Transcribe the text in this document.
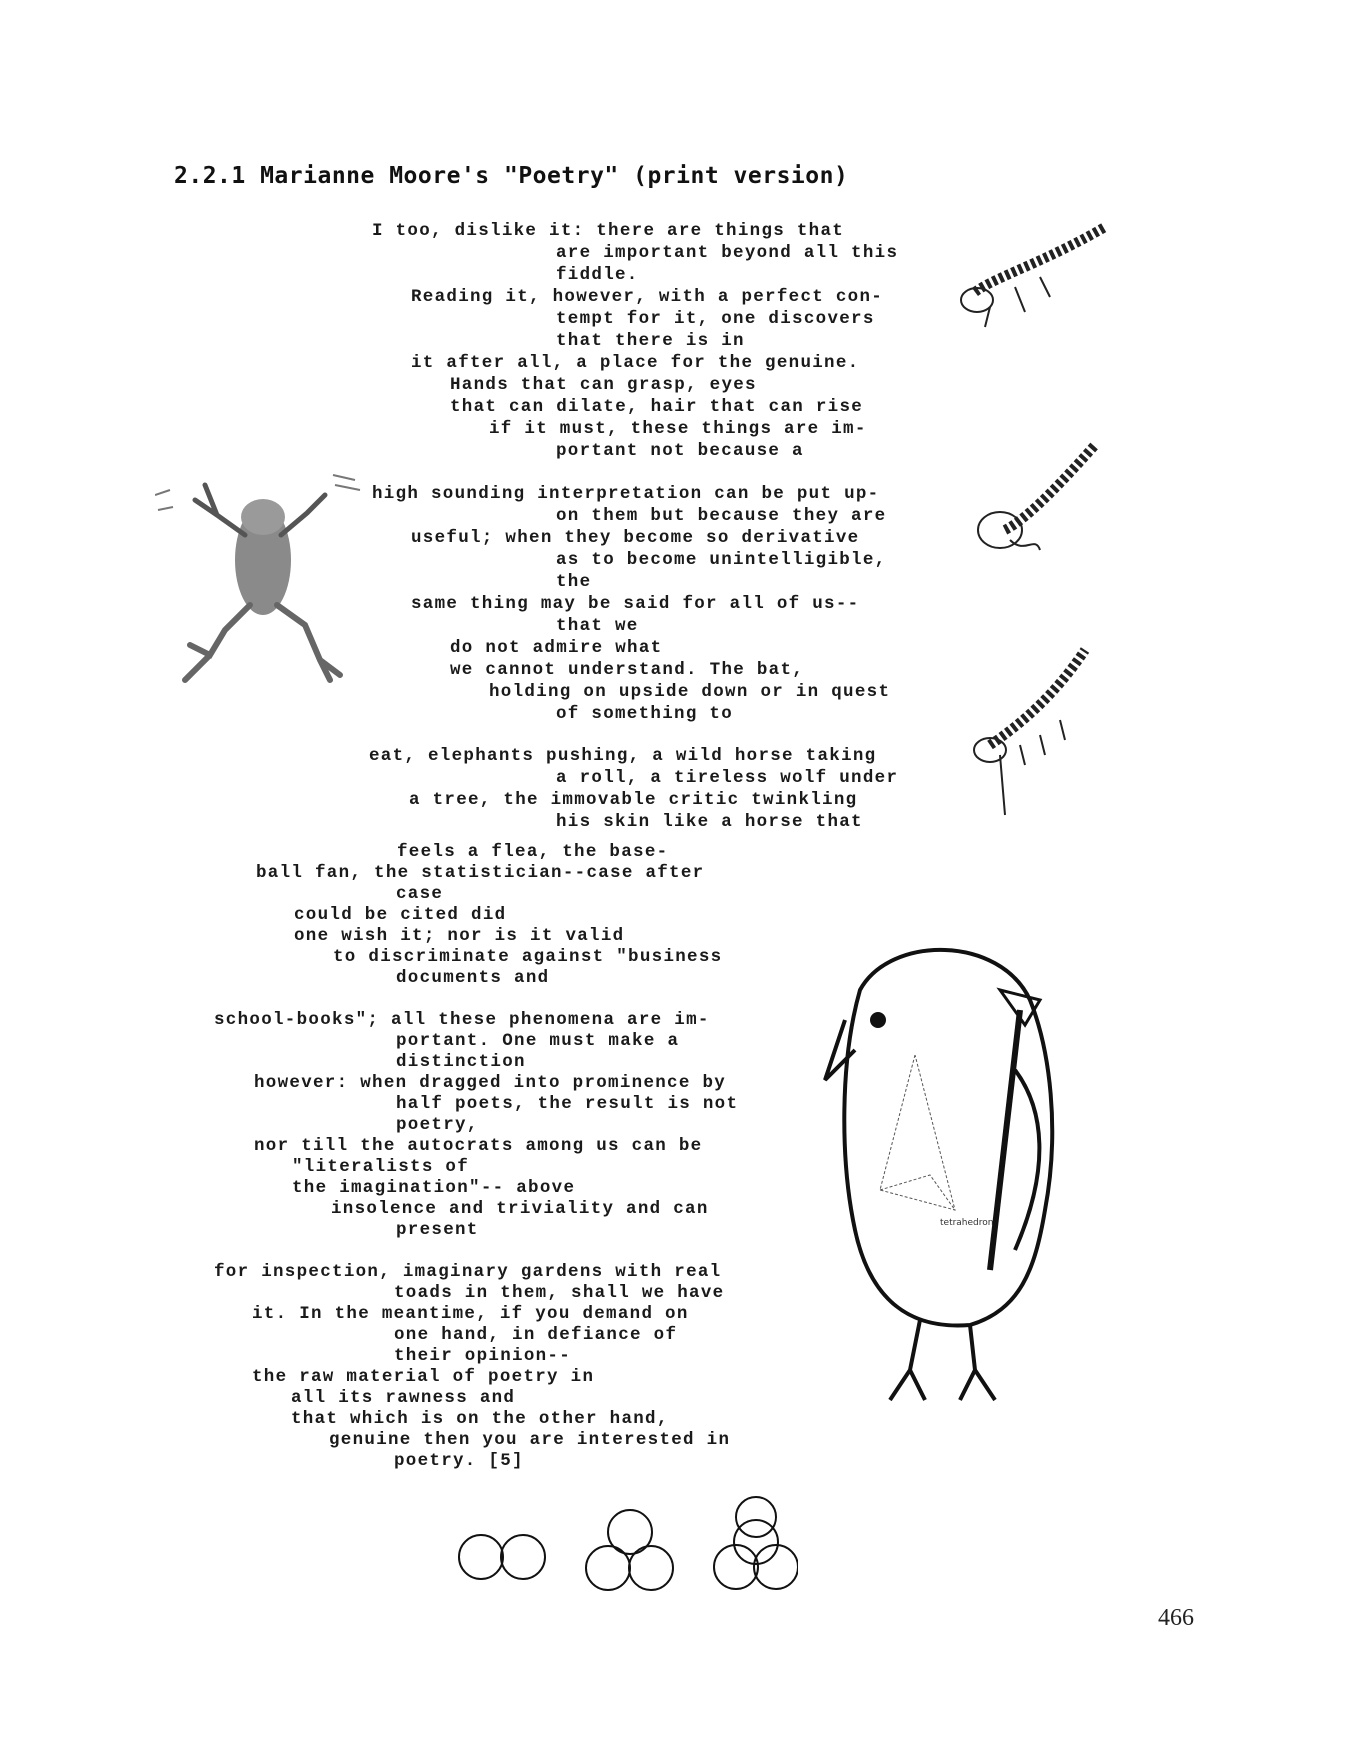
2.2.1 Marianne Moore's "Poetry" (print version)

I too, dislike it: there are things that

are important beyond all this

fiddle.

Reading it, however, with a perfect con-

tempt for it, one discovers

that there is in

it after all, a place for the genuine.

Hands that can grasp, eyes

that can dilate, hair that can rise

if it must, these things are im-

portant not because a

high sounding interpretation can be put up-

on them but because they are

useful; when they become so derivative

as to become unintelligible,

the

same thing may be said for all of us--

that we

do not admire what

we cannot understand. The bat,

holding on upside down or in quest

of something to

eat, elephants pushing, a wild horse taking

a roll, a tireless wolf under

a tree, the immovable critic twinkling

his skin like a horse that

feels a flea, the base-

ball fan, the statistician--case after

case

could be cited did

one wish it; nor is it valid

to discriminate against "business

documents and

school-books"; all these phenomena are im-

portant. One must make a

distinction

however: when dragged into prominence by

half poets, the result is not

poetry,

nor till the autocrats among us can be

"literalists of

the imagination"-- above

insolence and triviality and can

present

for inspection, imaginary gardens with real

toads in them, shall we have

it. In the meantime, if you demand on

one hand, in defiance of

their opinion--

the raw material of poetry in

all its rawness and

that which is on the other hand,

genuine then you are interested in

poetry. [5]

tetrahedron
466
